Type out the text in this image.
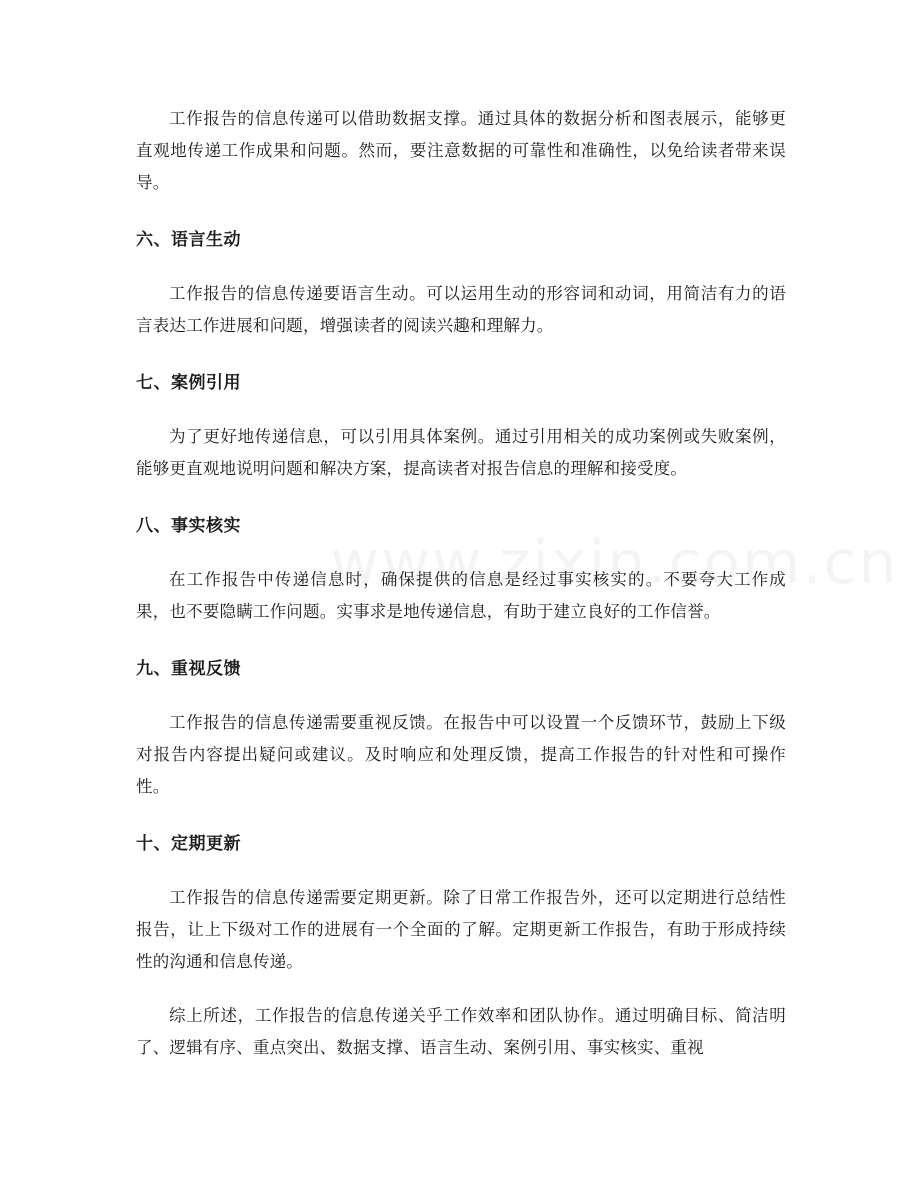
工作报告的信息传递可以借助数据支撑。通过具体的数据分析和图表展示，能够更直观地传递工作成果和问题。然而，要注意数据的可靠性和准确性，以免给读者带来误导。

六、语言生动

工作报告的信息传递要语言生动。可以运用生动的形容词和动词，用简洁有力的语言表达工作进展和问题，增强读者的阅读兴趣和理解力。

七、案例引用

为了更好地传递信息，可以引用具体案例。通过引用相关的成功案例或失败案例，能够更直观地说明问题和解决方案，提高读者对报告信息的理解和接受度。

八、事实核实

在工作报告中传递信息时，确保提供的信息是经过事实核实的。不要夸大工作成果，也不要隐瞒工作问题。实事求是地传递信息，有助于建立良好的工作信誉。

九、重视反馈

工作报告的信息传递需要重视反馈。在报告中可以设置一个反馈环节，鼓励上下级对报告内容提出疑问或建议。及时响应和处理反馈，提高工作报告的针对性和可操作性。

十、定期更新

工作报告的信息传递需要定期更新。除了日常工作报告外，还可以定期进行总结性报告，让上下级对工作的进展有一个全面的了解。定期更新工作报告，有助于形成持续性的沟通和信息传递。

综上所述，工作报告的信息传递关乎工作效率和团队协作。通过明确目标、简洁明了、逻辑有序、重点突出、数据支撑、语言生动、案例引用、事实核实、重视
